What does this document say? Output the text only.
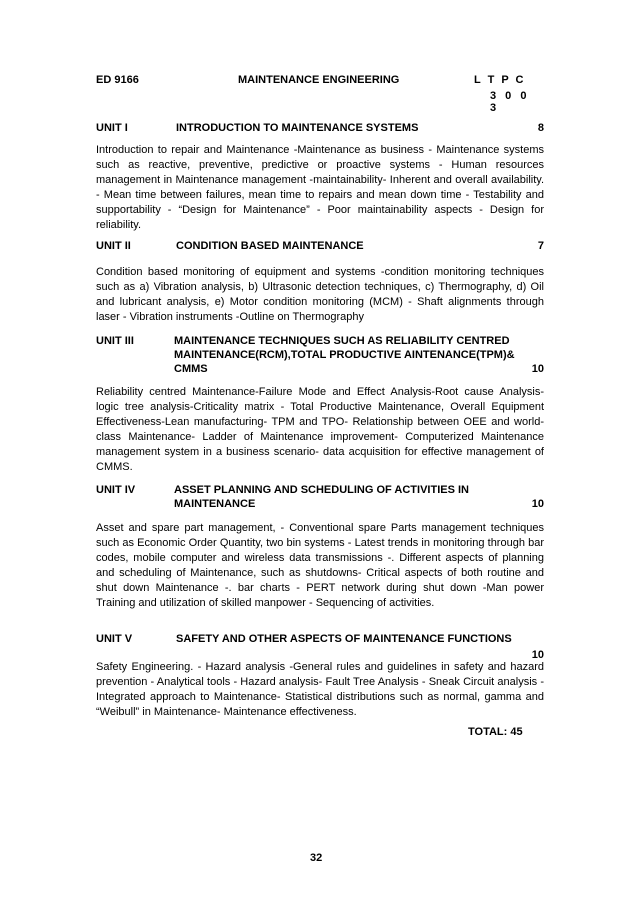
ED 9166	MAINTENANCE ENGINEERING	L T P C
3 0 0 3
UNIT I	INTRODUCTION TO MAINTENANCE SYSTEMS	8

Introduction to repair and Maintenance -Maintenance as business - Maintenance systems such as reactive, preventive, predictive or proactive systems - Human resources management in Maintenance management -maintainability- Inherent and overall availability. - Mean time between failures, mean time to repairs and mean down time - Testability and supportability - “Design for Maintenance” - Poor maintainability aspects - Design for reliability.

UNIT II	CONDITION BASED MAINTENANCE	7

Condition based monitoring of equipment and systems -condition monitoring techniques such as a) Vibration analysis, b) Ultrasonic detection techniques, c) Thermography, d) Oil and lubricant analysis, e) Motor condition monitoring (MCM) - Shaft alignments through laser - Vibration instruments -Outline on Thermography

UNIT III	MAINTENANCE TECHNIQUES SUCH AS RELIABILITY CENTRED
MAINTENANCE(RCM),TOTAL PRODUCTIVE AINTENANCE(TPM)&
CMMS	10

Reliability centred Maintenance-Failure Mode and Effect Analysis-Root cause Analysis- logic tree analysis-Criticality matrix - Total Productive Maintenance, Overall Equipment Effectiveness-Lean manufacturing- TPM and TPO- Relationship between OEE and world-class Maintenance- Ladder of Maintenance improvement- Computerized Maintenance management system in a business scenario- data acquisition for effective management of CMMS.

UNIT IV	ASSET PLANNING AND SCHEDULING OF ACTIVITIES IN
MAINTENANCE	10

Asset and spare part management, - Conventional spare Parts management techniques such as Economic Order Quantity, two bin systems - Latest trends in monitoring through bar codes, mobile computer and wireless data transmissions -. Different aspects of planning and scheduling of Maintenance, such as shutdowns- Critical aspects of both routine and shut down Maintenance -. bar charts - PERT network during shut down -Man power Training and utilization of skilled manpower - Sequencing of activities.

UNIT V	SAFETY AND OTHER ASPECTS OF MAINTENANCE FUNCTIONS
10

Safety Engineering. - Hazard analysis -General rules and guidelines in safety and hazard prevention - Analytical tools - Hazard analysis- Fault Tree Analysis - Sneak Circuit analysis - Integrated approach to Maintenance- Statistical distributions such as normal, gamma and “Weibull” in Maintenance- Maintenance effectiveness.

TOTAL: 45
32
